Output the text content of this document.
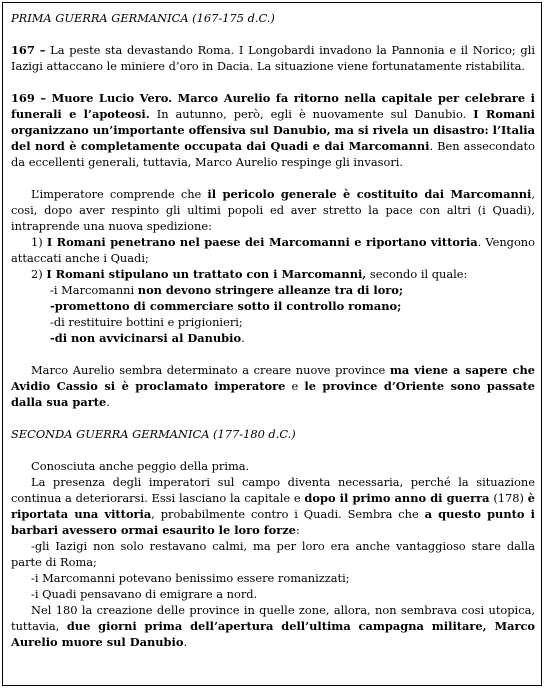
PRIMA GUERRA GERMANICA (167-175 d.C.)

167 – La peste sta devastando Roma. I Longobardi invadono la Pannonia e il Norico; gli Iazigi attaccano le miniere d’oro in Dacia. La situazione viene fortunatamente ristabilita.

169 – Muore Lucio Vero. Marco Aurelio fa ritorno nella capitale per celebrare i funerali e l’apoteosi. In autunno, però, egli è nuovamente sul Danubio. I Romani organizzano un’importante offensiva sul Danubio, ma si rivela un disastro: l’Italia del nord è completamente occupata dai Quadi e dai Marcomanni. Ben assecondato da eccellenti generali, tuttavia, Marco Aurelio respinge gli invasori.

L’imperatore comprende che il pericolo generale è costituito dai Marcomanni, cosi, dopo aver respinto gli ultimi popoli ed aver stretto la pace con altri (i Quadi), intraprende una nuova spedizione:

1) I Romani penetrano nel paese dei Marcomanni e riportano vittoria. Vengono attaccati anche i Quadi;

2) I Romani stipulano un trattato con i Marcomanni, secondo il quale:

-i Marcomanni non devono stringere alleanze tra di loro;

-promettono di commerciare sotto il controllo romano;

-di restituire bottini e prigionieri;

-di non avvicinarsi al Danubio.

Marco Aurelio sembra determinato a creare nuove province ma viene a sapere che Avidio Cassio si è proclamato imperatore e le province d’Oriente sono passate dalla sua parte.

SECONDA GUERRA GERMANICA (177-180 d.C.)

Conosciuta anche peggio della prima.

La presenza degli imperatori sul campo diventa necessaria, perché la situazione continua a deteriorarsi. Essi lasciano la capitale e dopo il primo anno di guerra (178) è riportata una vittoria, probabilmente contro i Quadi. Sembra che a questo punto i barbari avessero ormai esaurito le loro forze:

-gli Iazigi non solo restavano calmi, ma per loro era anche vantaggioso stare dalla parte di Roma;

-i Marcomanni potevano benissimo essere romanizzati;

-i Quadi pensavano di emigrare a nord.

Nel 180 la creazione delle province in quelle zone, allora, non sembrava cosi utopica, tuttavia, due giorni prima dell’apertura dell’ultima campagna militare, Marco Aurelio muore sul Danubio.
